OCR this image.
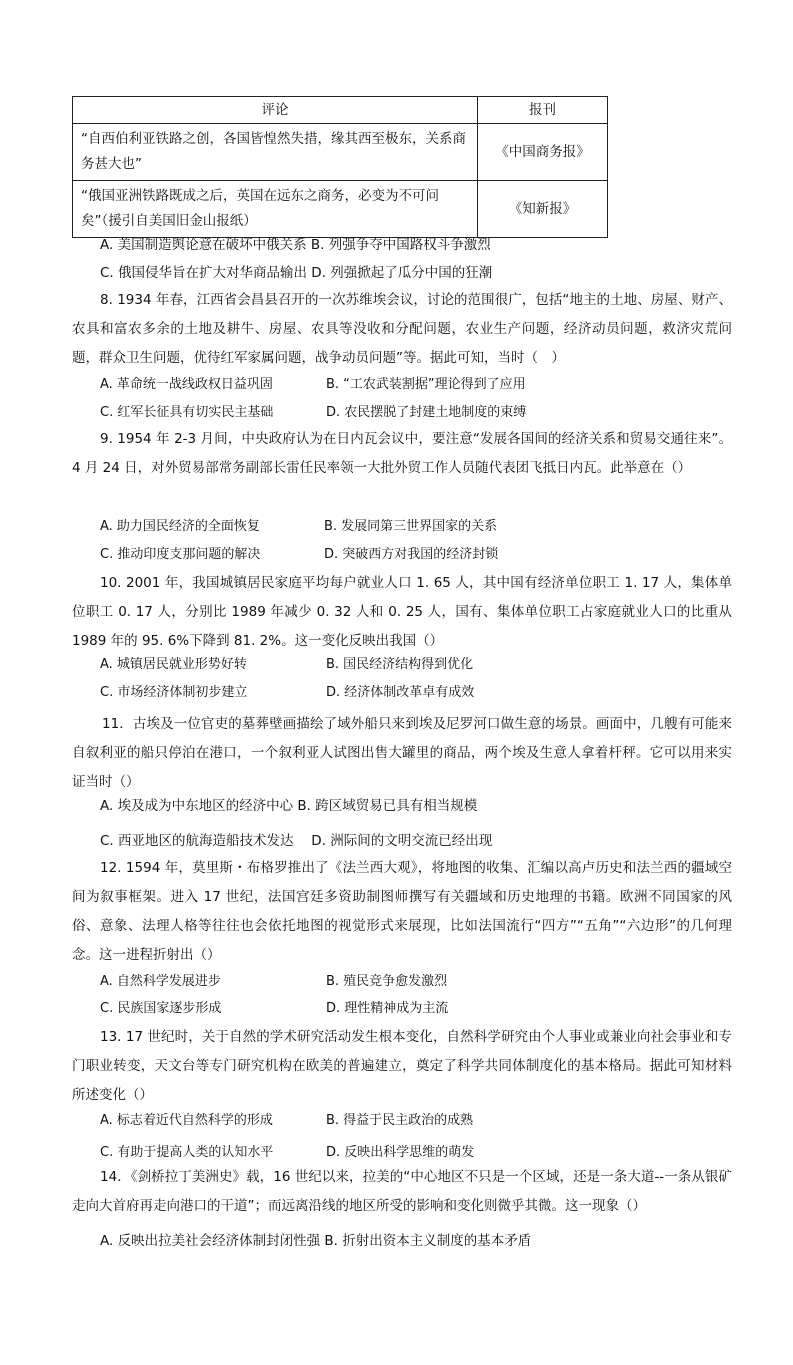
评论	报刊
“自西伯利亚铁路之创，各国皆惶然失措，缘其西至极东，关系商务甚大也”	《中国商务报》
“俄国亚洲铁路既成之后，英国在远东之商务，必变为不可问矣”（援引自美国旧金山报纸）	《知新报》
A. 美国制造舆论意在破坏中俄关系 B. 列强争夺中国路权斗争激烈
C. 俄国侵华旨在扩大对华商品输出 D. 列强掀起了瓜分中国的狂潮

8. 1934 年春，江西省会昌县召开的一次苏维埃会议，讨论的范围很广，包括“地主的土地、房屋、财产、农具和富农多余的土地及耕牛、房屋、农具等没收和分配问题，农业生产问题，经济动员问题，救济灾荒问题，群众卫生问题，优待红军家属问题，战争动员问题”等。据此可知，当时（　）

A. 革命统一战线政权日益巩固	B. “工农武装割据”理论得到了应用
C. 红军长征具有切实民主基础	D. 农民摆脱了封建土地制度的束缚

9. 1954 年 2-3 月间，中央政府认为在日内瓦会议中，要注意“发展各国间的经济关系和贸易交通往来”。4 月 24 日，对外贸易部常务副部长雷任民率领一大批外贸工作人员随代表团飞抵日内瓦。此举意在（）

A. 助力国民经济的全面恢复	B. 发展同第三世界国家的关系
C. 推动印度支那问题的解决	D. 突破西方对我国的经济封锁

10. 2001 年，我国城镇居民家庭平均每户就业人口 1. 65 人，其中国有经济单位职工 1. 17 人，集体单位职工 0. 17 人，分别比 1989 年减少 0. 32 人和 0. 25 人，国有、集体单位职工占家庭就业人口的比重从 1989 年的 95. 6%下降到 81. 2%。这一变化反映出我国（）

A. 城镇居民就业形势好转	B. 国民经济结构得到优化
C. 市场经济体制初步建立	D. 经济体制改革卓有成效

11．古埃及一位官吏的墓葬壁画描绘了域外船只来到埃及尼罗河口做生意的场景。画面中，几艘有可能来自叙利亚的船只停泊在港口，一个叙利亚人试图出售大罐里的商品，两个埃及生意人拿着杆秤。它可以用来实证当时（）

A. 埃及成为中东地区的经济中心 B. 跨区域贸易已具有相当规模
C. 西亚地区的航海造船技术发达　 D. 洲际间的文明交流已经出现

12. 1594 年，莫里斯・布格罗推出了《法兰西大观》，将地图的收集、汇编以高卢历史和法兰西的疆域空间为叙事框架。进入 17 世纪，法国宫廷多资助制图师撰写有关疆域和历史地理的书籍。欧洲不同国家的风俗、意象、法理人格等往往也会依托地图的视觉形式来展现，比如法国流行“四方”“五角”“六边形”的几何理念。这一进程折射出（）

A. 自然科学发展进步	B. 殖民竞争愈发激烈
C. 民族国家逐步形成	D. 理性精神成为主流

13. 17 世纪时，关于自然的学术研究活动发生根本变化，自然科学研究由个人事业或兼业向社会事业和专门职业转变，天文台等专门研究机构在欧美的普遍建立，奠定了科学共同体制度化的基本格局。据此可知材料所述变化（）

A. 标志着近代自然科学的形成	B. 得益于民主政治的成熟
C. 有助于提高人类的认知水平	D. 反映出科学思维的萌发

14．《剑桥拉丁美洲史》载，16 世纪以来，拉美的“中心地区不只是一个区域，还是一条大道--一条从银矿走向大首府再走向港口的干道”；而远离沿线的地区所受的影响和变化则微乎其微。这一现象（）

A. 反映出拉美社会经济体制封闭性强 B. 折射出资本主义制度的基本矛盾
